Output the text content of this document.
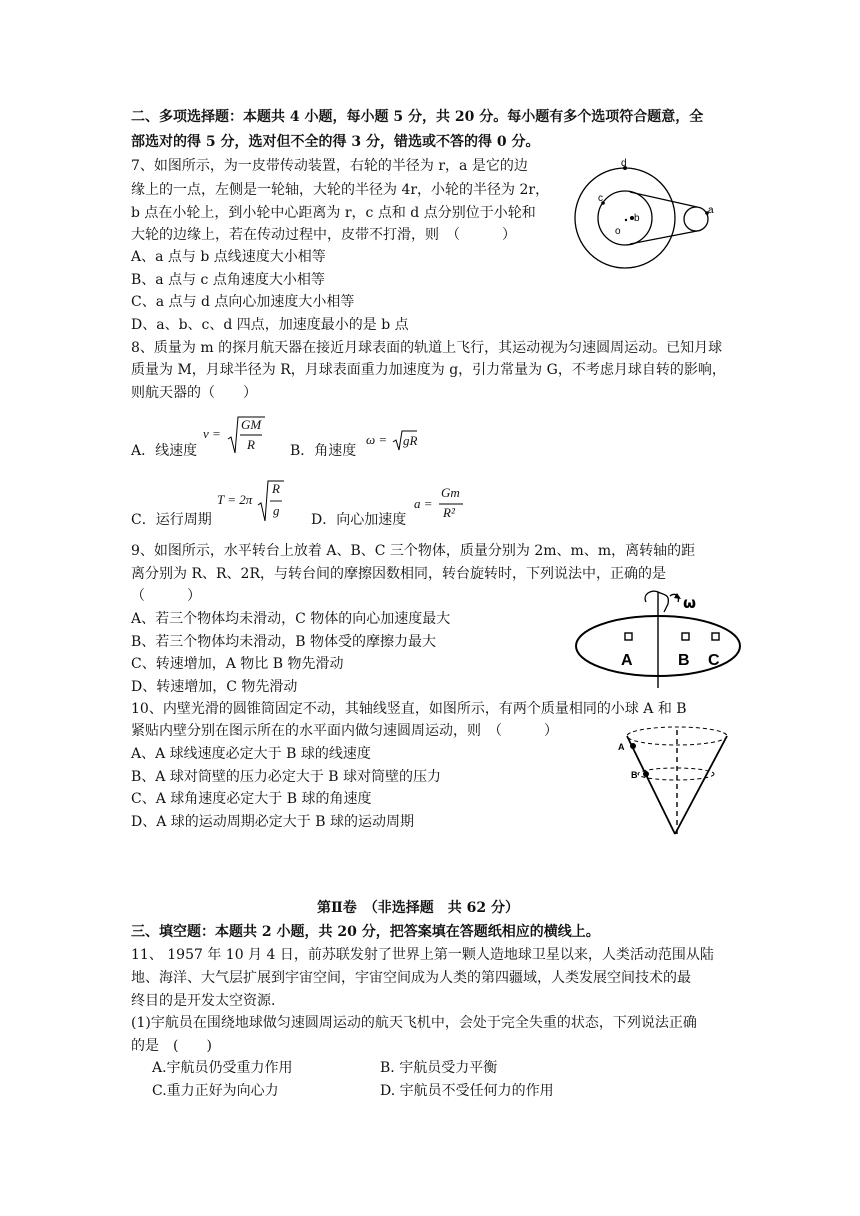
二、多项选择题：本题共 4 小题，每小题 5 分，共 20 分。每小题有多个选项符合题意，全
部选对的得 5 分，选对但不全的得 3 分，错选或不答的得 0 分。
7、如图所示，为一皮带传动装置，右轮的半径为 r，a 是它的边
缘上的一点，左侧是一轮轴，大轮的半径为 4r，小轮的半径为 2r，
b 点在小轮上，到小轮中心距离为 r，c 点和 d 点分别位于小轮和
大轮的边缘上，若在传动过程中，皮带不打滑，则　（　　　）
A、a 点与 b 点线速度大小相等
B、a 点与 c 点角速度大小相等
C、a 点与 d 点向心加速度大小相等
D、a、b、c、d 四点，加速度最小的是 b 点
d
c
b
o
a
8、质量为 m 的探月航天器在接近月球表面的轨道上飞行，其运动视为匀速圆周运动。已知月球
质量为 M，月球半径为 R，月球表面重力加速度为 g，引力常量为 G，不考虑月球自转的影响，
则航天器的（　　）
A．线速度	B．角速度
C．运行周期	D．向心加速度
v =
GM
R	ω = gR
T = 2π
R
g	a =
Gm
R²
9、如图所示，水平转台上放着 A、B、C 三个物体，质量分别为 2m、m、m，离转轴的距
离分别为 R、R、2R，与转台间的摩擦因数相同，转台旋转时，下列说法中，正确的是
（　　　）
A、若三个物体均未滑动，C 物体的向心加速度最大
B、若三个物体均未滑动，B 物体受的摩擦力最大
C、转速增加，A 物比 B 物先滑动
D、转速增加，C 物先滑动
ω
A	B C
10、内壁光滑的圆锥筒固定不动，其轴线竖直，如图所示，有两个质量相同的小球 A 和 B
紧贴内壁分别在图示所在的水平面内做匀速圆周运动，则　（　　　）
A、A 球线速度必定大于 B 球的线速度
B、A 球对筒壁的压力必定大于 B 球对筒壁的压力
C、A 球角速度必定大于 B 球的角速度
D、A 球的运动周期必定大于 B 球的运动周期
A
B
第Ⅱ卷　（非选择题　共 62 分）
三、填空题：本题共 2 小题，共 20 分，把答案填在答题纸相应的横线上。
11、 1957 年 10 月 4 日，前苏联发射了世界上第一颗人造地球卫星以来，人类活动范围从陆
地、海洋、大气层扩展到宇宙空间，宇宙空间成为人类的第四疆域，人类发展空间技术的最
终目的是开发太空资源.
(1)宇航员在围绕地球做匀速圆周运动的航天飞机中，会处于完全失重的状态，下列说法正确
的是　(　　)
A.宇航员仍受重力作用	B. 宇航员受力平衡
C.重力正好为向心力	D. 宇航员不受任何力的作用
